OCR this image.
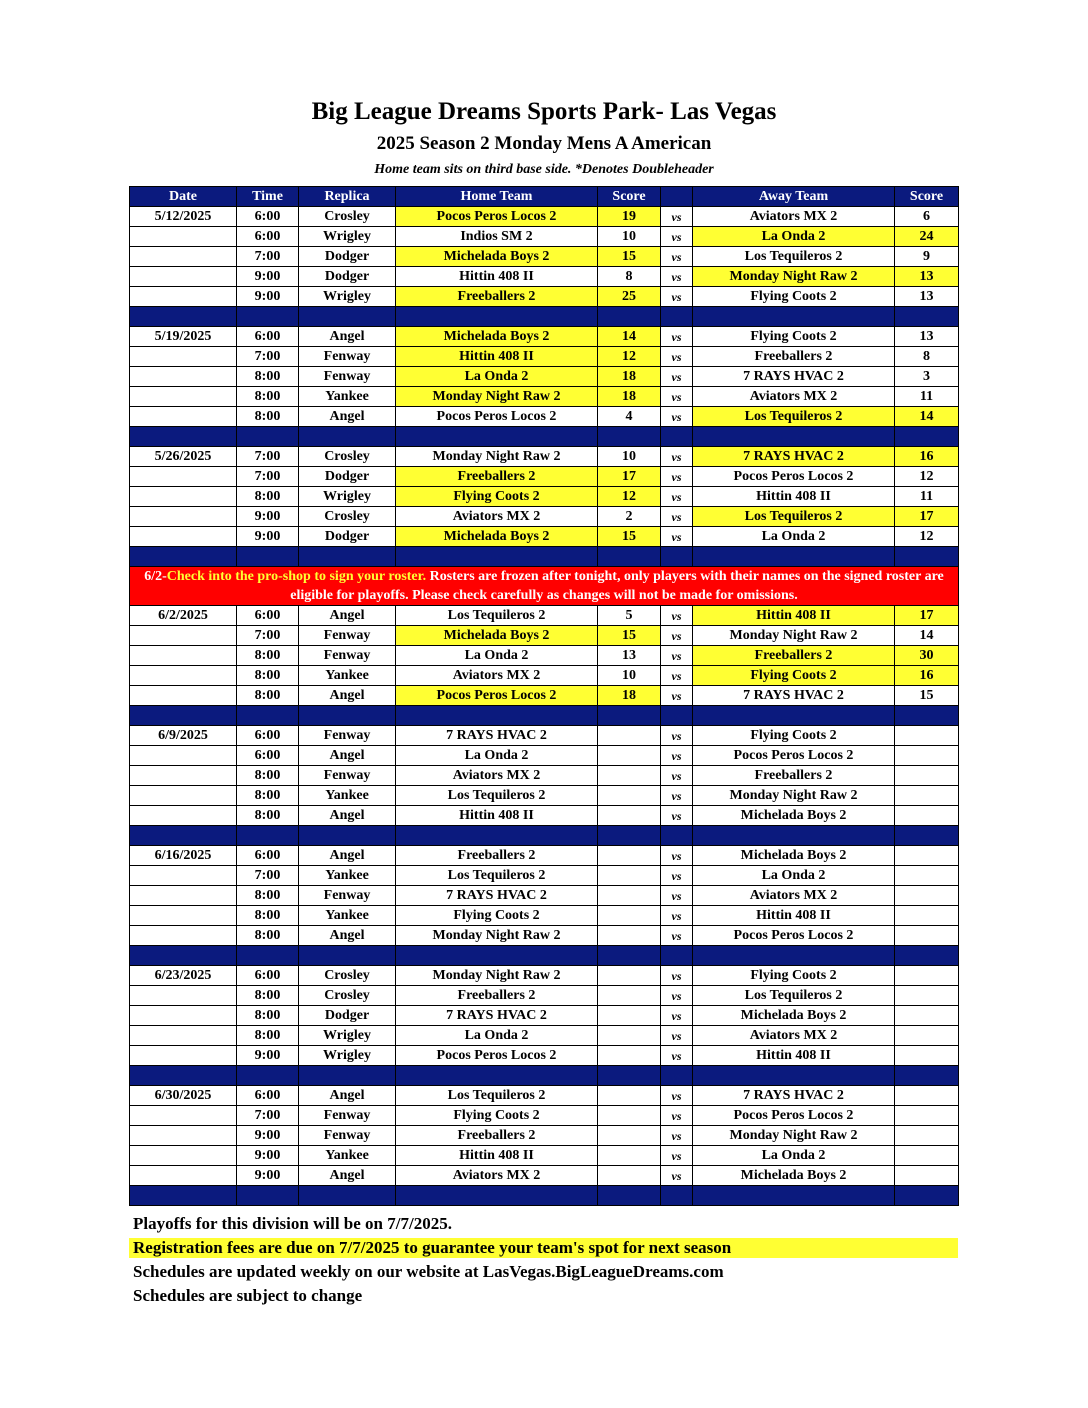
Big League Dreams Sports Park- Las Vegas
2025 Season 2 Monday Mens A American
Home team sits on third base side. *Denotes Doubleheader
Date	Time	Replica	Home Team	Score		Away Team	Score
5/12/2025	6:00	Crosley	Pocos Peros Locos 2	19	vs	Aviators MX 2	6
	6:00	Wrigley	Indios SM 2	10	vs	La Onda 2	24
	7:00	Dodger	Michelada Boys 2	15	vs	Los Tequileros 2	9
	9:00	Dodger	Hittin 408 II	8	vs	Monday Night Raw 2	13
	9:00	Wrigley	Freeballers 2	25	vs	Flying Coots 2	13

5/19/2025	6:00	Angel	Michelada Boys 2	14	vs	Flying Coots 2	13
	7:00	Fenway	Hittin 408 II	12	vs	Freeballers 2	8
	8:00	Fenway	La Onda 2	18	vs	7 RAYS HVAC 2	3
	8:00	Yankee	Monday Night Raw 2	18	vs	Aviators MX 2	11
	8:00	Angel	Pocos Peros Locos 2	4	vs	Los Tequileros 2	14

5/26/2025	7:00	Crosley	Monday Night Raw 2	10	vs	7 RAYS HVAC 2	16
	7:00	Dodger	Freeballers 2	17	vs	Pocos Peros Locos 2	12
	8:00	Wrigley	Flying Coots 2	12	vs	Hittin 408 II	11
	9:00	Crosley	Aviators MX 2	2	vs	Los Tequileros 2	17
	9:00	Dodger	Michelada Boys 2	15	vs	La Onda 2	12

6/2-Check into the pro-shop to sign your roster. Rosters are frozen after tonight, only players with their names on the signed roster are eligible for playoffs. Please check carefully as changes will not be made for omissions.							
6/2/2025	6:00	Angel	Los Tequileros 2	5	vs	Hittin 408 II	17
	7:00	Fenway	Michelada Boys 2	15	vs	Monday Night Raw 2	14
	8:00	Fenway	La Onda 2	13	vs	Freeballers 2	30
	8:00	Yankee	Aviators MX 2	10	vs	Flying Coots 2	16
	8:00	Angel	Pocos Peros Locos 2	18	vs	7 RAYS HVAC 2	15

6/9/2025	6:00	Fenway	7 RAYS HVAC 2		vs	Flying Coots 2	
	6:00	Angel	La Onda 2		vs	Pocos Peros Locos 2	
	8:00	Fenway	Aviators MX 2		vs	Freeballers 2	
	8:00	Yankee	Los Tequileros 2		vs	Monday Night Raw 2	
	8:00	Angel	Hittin 408 II		vs	Michelada Boys 2	

6/16/2025	6:00	Angel	Freeballers 2		vs	Michelada Boys 2	
	7:00	Yankee	Los Tequileros 2		vs	La Onda 2	
	8:00	Fenway	7 RAYS HVAC 2		vs	Aviators MX 2	
	8:00	Yankee	Flying Coots 2		vs	Hittin 408 II	
	8:00	Angel	Monday Night Raw 2		vs	Pocos Peros Locos 2	

6/23/2025	6:00	Crosley	Monday Night Raw 2		vs	Flying Coots 2	
	8:00	Crosley	Freeballers 2		vs	Los Tequileros 2	
	8:00	Dodger	7 RAYS HVAC 2		vs	Michelada Boys 2	
	8:00	Wrigley	La Onda 2		vs	Aviators MX 2	
	9:00	Wrigley	Pocos Peros Locos 2		vs	Hittin 408 II	

6/30/2025	6:00	Angel	Los Tequileros 2		vs	7 RAYS HVAC 2	
	7:00	Fenway	Flying Coots 2		vs	Pocos Peros Locos 2	
	9:00	Fenway	Freeballers 2		vs	Monday Night Raw 2	
	9:00	Yankee	Hittin 408 II		vs	La Onda 2	
	9:00	Angel	Aviators MX 2		vs	Michelada Boys 2	

Playoffs for this division will be on 7/7/2025.
Registration fees are due on 7/7/2025 to guarantee your team's spot for next season
Schedules are updated weekly on our website at LasVegas.BigLeagueDreams.com
Schedules are subject to change
